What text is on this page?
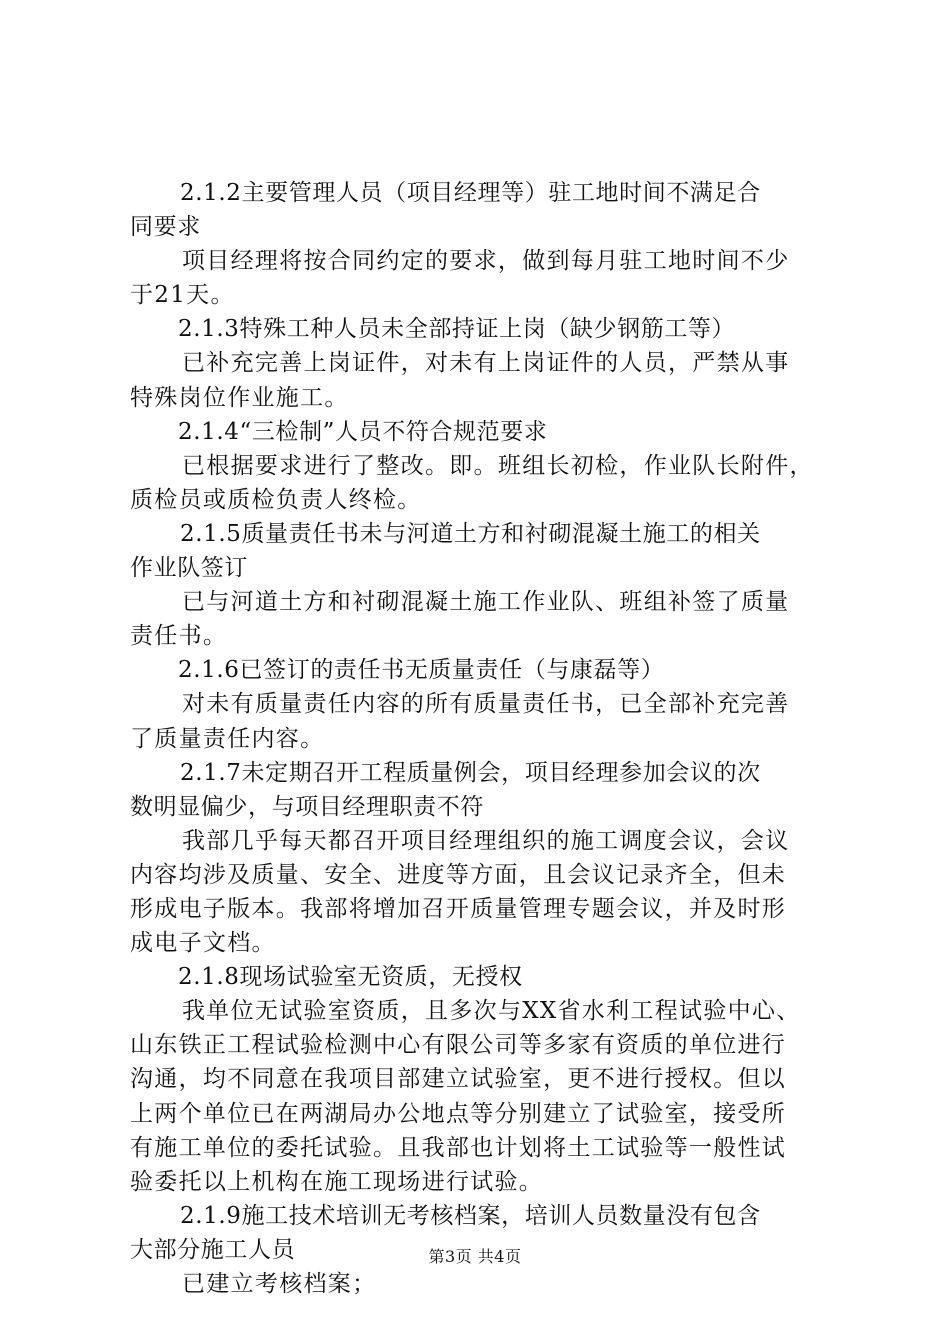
2.1.2主要管理人员（项目经理等）驻工地时间不满足合
同要求
项目经理将按合同约定的要求，做到每月驻工地时间不少
于21天。
2.1.3特殊工种人员未全部持证上岗（缺少钢筋工等）
已补充完善上岗证件，对未有上岗证件的人员，严禁从事
特殊岗位作业施工。
2.1.4“三检制”人员不符合规范要求
已根据要求进行了整改。即。班组长初检，作业队长附件，
质检员或质检负责人终检。
2.1.5质量责任书未与河道土方和衬砌混凝土施工的相关
作业队签订
已与河道土方和衬砌混凝土施工作业队、班组补签了质量
责任书。
2.1.6已签订的责任书无质量责任（与康磊等）
对未有质量责任内容的所有质量责任书，已全部补充完善
了质量责任内容。
2.1.7未定期召开工程质量例会，项目经理参加会议的次
数明显偏少，与项目经理职责不符
我部几乎每天都召开项目经理组织的施工调度会议，会议
内容均涉及质量、安全、进度等方面，且会议记录齐全，但未
形成电子版本。我部将增加召开质量管理专题会议，并及时形
成电子文档。
2.1.8现场试验室无资质，无授权
我单位无试验室资质，且多次与XX省水利工程试验中心、
山东铁正工程试验检测中心有限公司等多家有资质的单位进行
沟通，均不同意在我项目部建立试验室，更不进行授权。但以
上两个单位已在两湖局办公地点等分别建立了试验室，接受所
有施工单位的委托试验。且我部也计划将土工试验等一般性试
验委托以上机构在施工现场进行试验。
2.1.9施工技术培训无考核档案，培训人员数量没有包含
大部分施工人员
已建立考核档案；
第3页 共4页
